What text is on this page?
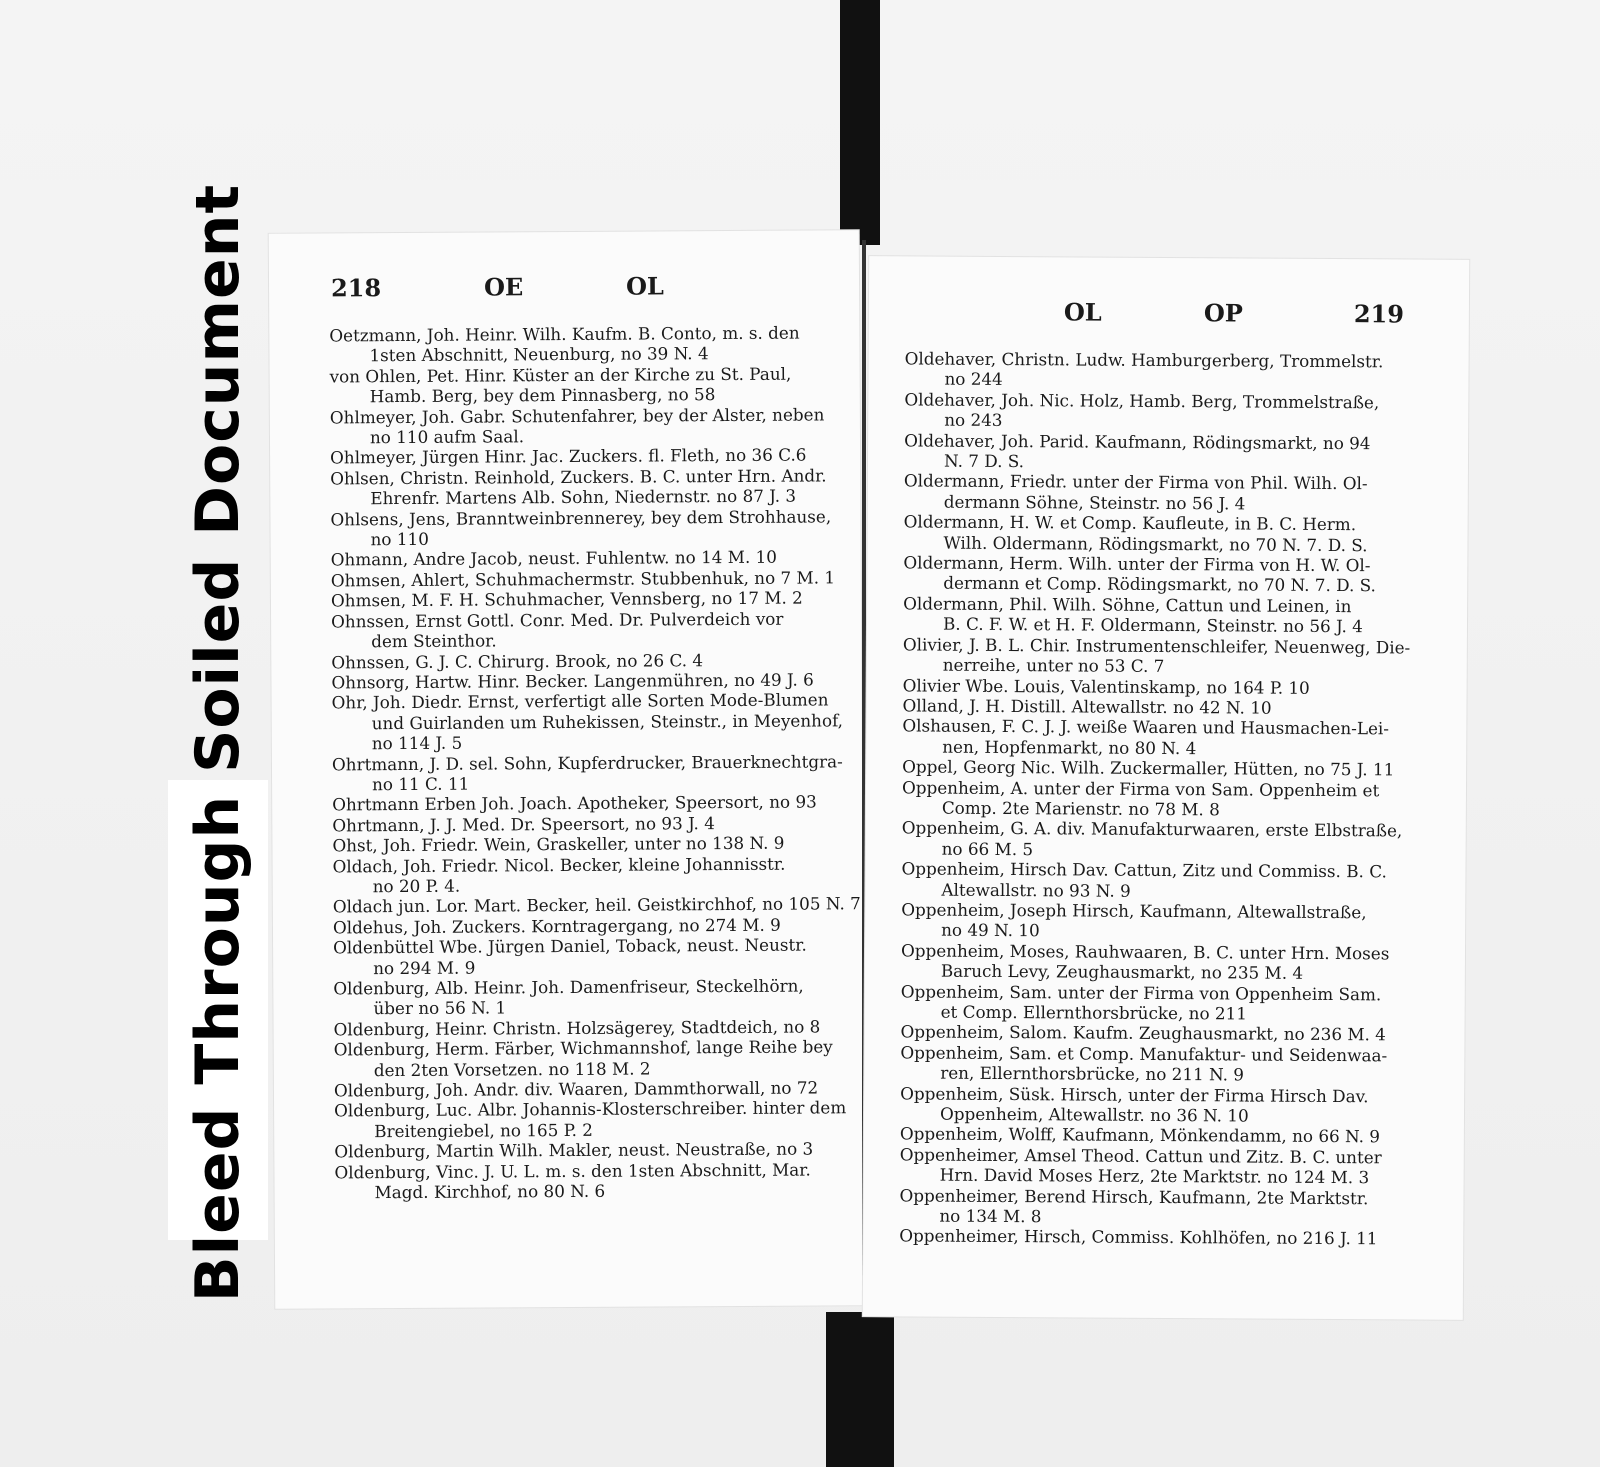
Bleed Through Soiled Document	218	OE	OL
Oetzmann, Joh. Heinr. Wilh. Kaufm. B. Conto, m. s. den
1sten Abschnitt, Neuenburg, no 39 N. 4
von Ohlen, Pet. Hinr. Küster an der Kirche zu St. Paul,
Hamb. Berg, bey dem Pinnasberg, no 58
Ohlmeyer, Joh. Gabr. Schutenfahrer, bey der Alster, neben
no 110 aufm Saal.
Ohlmeyer, Jürgen Hinr. Jac. Zuckers. fl. Fleth, no 36 C.6
Ohlsen, Christn. Reinhold, Zuckers. B. C. unter Hrn. Andr.
Ehrenfr. Martens Alb. Sohn, Niedernstr. no 87 J. 3
Ohlsens, Jens, Branntweinbrennerey, bey dem Strohhause,
no 110
Ohmann, Andre Jacob, neust. Fuhlentw. no 14 M. 10
Ohmsen, Ahlert, Schuhmachermstr. Stubbenhuk, no 7 M. 1
Ohmsen, M. F. H. Schuhmacher, Vennsberg, no 17 M. 2
Ohnssen, Ernst Gottl. Conr. Med. Dr. Pulverdeich vor
dem Steinthor.
Ohnssen, G. J. C. Chirurg. Brook, no 26 C. 4
Ohnsorg, Hartw. Hinr. Becker. Langenmühren, no 49 J. 6
Ohr, Joh. Diedr. Ernst, verfertigt alle Sorten Mode-Blumen
und Guirlanden um Ruhekissen, Steinstr., in Meyenhof,
no 114 J. 5
Ohrtmann, J. D. sel. Sohn, Kupferdrucker, Brauerknechtgra-
no 11 C. 11
Ohrtmann Erben Joh. Joach. Apotheker, Speersort, no 93
Ohrtmann, J. J. Med. Dr. Speersort, no 93 J. 4
Ohst, Joh. Friedr. Wein, Graskeller, unter no 138 N. 9
Oldach, Joh. Friedr. Nicol. Becker, kleine Johannisstr.
no 20 P. 4.
Oldach jun. Lor. Mart. Becker, heil. Geistkirchhof, no 105 N. 7
Oldehus, Joh. Zuckers. Korntragergang, no 274 M. 9
Oldenbüttel Wbe. Jürgen Daniel, Toback, neust. Neustr.
no 294 M. 9
Oldenburg, Alb. Heinr. Joh. Damenfriseur, Steckelhörn,
über no 56 N. 1
Oldenburg, Heinr. Christn. Holzsägerey, Stadtdeich, no 8
Oldenburg, Herm. Färber, Wichmannshof, lange Reihe bey
den 2ten Vorsetzen. no 118 M. 2
Oldenburg, Joh. Andr. div. Waaren, Dammthorwall, no 72
Oldenburg, Luc. Albr. Johannis-Klosterschreiber. hinter dem
Breitengiebel, no 165 P. 2
Oldenburg, Martin Wilh. Makler, neust. Neustraße, no 3
Oldenburg, Vinc. J. U. L. m. s. den 1sten Abschnitt, Mar.
Magd. Kirchhof, no 80 N. 6
OL	OP	219
Oldehaver, Christn. Ludw. Hamburgerberg, Trommelstr.
no 244
Oldehaver, Joh. Nic. Holz, Hamb. Berg, Trommelstraße,
no 243
Oldehaver, Joh. Parid. Kaufmann, Rödingsmarkt, no 94
N. 7 D. S.
Oldermann, Friedr. unter der Firma von Phil. Wilh. Ol-
dermann Söhne, Steinstr. no 56 J. 4
Oldermann, H. W. et Comp. Kaufleute, in B. C. Herm.
Wilh. Oldermann, Rödingsmarkt, no 70 N. 7. D. S.
Oldermann, Herm. Wilh. unter der Firma von H. W. Ol-
dermann et Comp. Rödingsmarkt, no 70 N. 7. D. S.
Oldermann, Phil. Wilh. Söhne, Cattun und Leinen, in
B. C. F. W. et H. F. Oldermann, Steinstr. no 56 J. 4
Olivier, J. B. L. Chir. Instrumentenschleifer, Neuenweg, Die-
nerreihe, unter no 53 C. 7
Olivier Wbe. Louis, Valentinskamp, no 164 P. 10
Olland, J. H. Distill. Altewallstr. no 42 N. 10
Olshausen, F. C. J. J. weiße Waaren und Hausmachen-Lei-
nen, Hopfenmarkt, no 80 N. 4
Oppel, Georg Nic. Wilh. Zuckermaller, Hütten, no 75 J. 11
Oppenheim, A. unter der Firma von Sam. Oppenheim et
Comp. 2te Marienstr. no 78 M. 8
Oppenheim, G. A. div. Manufakturwaaren, erste Elbstraße,
no 66 M. 5
Oppenheim, Hirsch Dav. Cattun, Zitz und Commiss. B. C.
Altewallstr. no 93 N. 9
Oppenheim, Joseph Hirsch, Kaufmann, Altewallstraße,
no 49 N. 10
Oppenheim, Moses, Rauhwaaren, B. C. unter Hrn. Moses
Baruch Levy, Zeughausmarkt, no 235 M. 4
Oppenheim, Sam. unter der Firma von Oppenheim Sam.
et Comp. Ellernthorsbrücke, no 211
Oppenheim, Salom. Kaufm. Zeughausmarkt, no 236 M. 4
Oppenheim, Sam. et Comp. Manufaktur- und Seidenwaa-
ren, Ellernthorsbrücke, no 211 N. 9
Oppenheim, Süsk. Hirsch, unter der Firma Hirsch Dav.
Oppenheim, Altewallstr. no 36 N. 10
Oppenheim, Wolff, Kaufmann, Mönkendamm, no 66 N. 9
Oppenheimer, Amsel Theod. Cattun und Zitz. B. C. unter
Hrn. David Moses Herz, 2te Marktstr. no 124 M. 3
Oppenheimer, Berend Hirsch, Kaufmann, 2te Marktstr.
no 134 M. 8
Oppenheimer, Hirsch, Commiss. Kohlhöfen, no 216 J. 11
